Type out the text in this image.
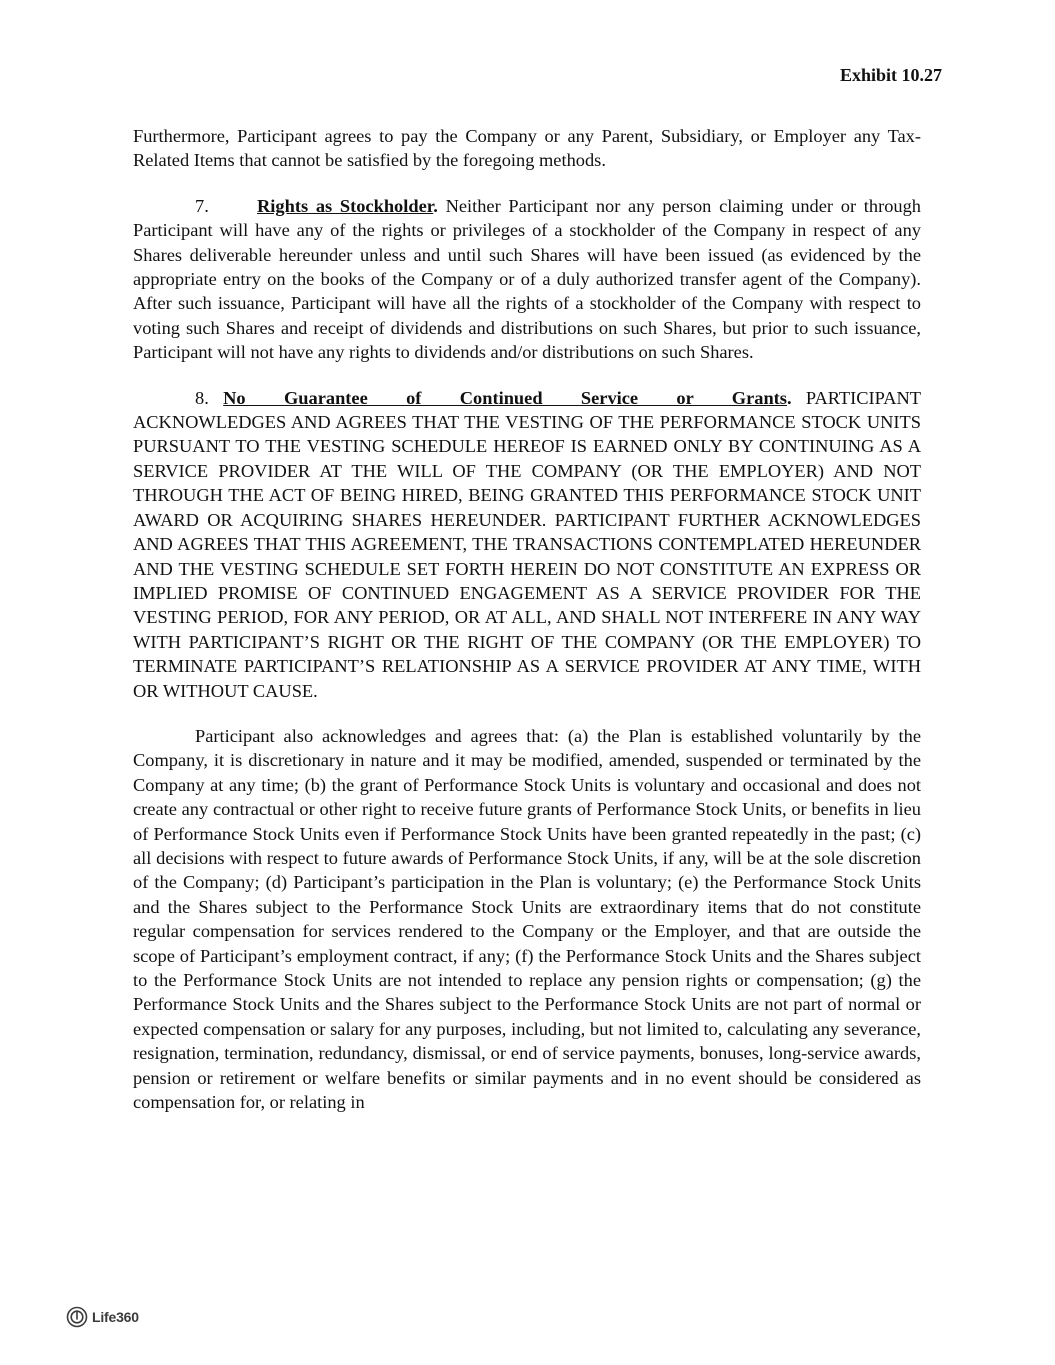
Exhibit 10.27

Furthermore, Participant agrees to pay the Company or any Parent, Subsidiary, or Employer any Tax-Related Items that cannot be satisfied by the foregoing methods.

7.	Rights as Stockholder. Neither Participant nor any person claiming under or through Participant will have any of the rights or privileges of a stockholder of the Company in respect of any Shares deliverable hereunder unless and until such Shares will have been issued (as evidenced by the appropriate entry on the books of the Company or of a duly authorized transfer agent of the Company). After such issuance, Participant will have all the rights of a stockholder of the Company with respect to voting such Shares and receipt of dividends and distributions on such Shares, but prior to such issuance, Participant will not have any rights to dividends and/or distributions on such Shares.

8. No Guarantee of Continued Service or Grants. PARTICIPANT ACKNOWLEDGES AND AGREES THAT THE VESTING OF THE PERFORMANCE STOCK UNITS PURSUANT TO THE VESTING SCHEDULE HEREOF IS EARNED ONLY BY CONTINUING AS A SERVICE PROVIDER AT THE WILL OF THE COMPANY (OR THE EMPLOYER) AND NOT THROUGH THE ACT OF BEING HIRED, BEING GRANTED THIS PERFORMANCE STOCK UNIT AWARD OR ACQUIRING SHARES HEREUNDER. PARTICIPANT FURTHER ACKNOWLEDGES AND AGREES THAT THIS AGREEMENT, THE TRANSACTIONS CONTEMPLATED HEREUNDER AND THE VESTING SCHEDULE SET FORTH HEREIN DO NOT CONSTITUTE AN EXPRESS OR IMPLIED PROMISE OF CONTINUED ENGAGEMENT AS A SERVICE PROVIDER FOR THE VESTING PERIOD, FOR ANY PERIOD, OR AT ALL, AND SHALL NOT INTERFERE IN ANY WAY WITH PARTICIPANT’S RIGHT OR THE RIGHT OF THE COMPANY (OR THE EMPLOYER) TO TERMINATE PARTICIPANT’S RELATIONSHIP AS A SERVICE PROVIDER AT ANY TIME, WITH OR WITHOUT CAUSE.

Participant also acknowledges and agrees that: (a) the Plan is established voluntarily by the Company, it is discretionary in nature and it may be modified, amended, suspended or terminated by the Company at any time; (b) the grant of Performance Stock Units is voluntary and occasional and does not create any contractual or other right to receive future grants of Performance Stock Units, or benefits in lieu of Performance Stock Units even if Performance Stock Units have been granted repeatedly in the past; (c) all decisions with respect to future awards of Performance Stock Units, if any, will be at the sole discretion of the Company; (d) Participant’s participation in the Plan is voluntary; (e) the Performance Stock Units and the Shares subject to the Performance Stock Units are extraordinary items that do not constitute regular compensation for services rendered to the Company or the Employer, and that are outside the scope of Participant’s employment contract, if any; (f) the Performance Stock Units and the Shares subject to the Performance Stock Units are not intended to replace any pension rights or compensation; (g) the Performance Stock Units and the Shares subject to the Performance Stock Units are not part of normal or expected compensation or salary for any purposes, including, but not limited to, calculating any severance, resignation, termination, redundancy, dismissal, or end of service payments, bonuses, long-service awards, pension or retirement or welfare benefits or similar payments and in no event should be considered as compensation for, or relating in

Life360
